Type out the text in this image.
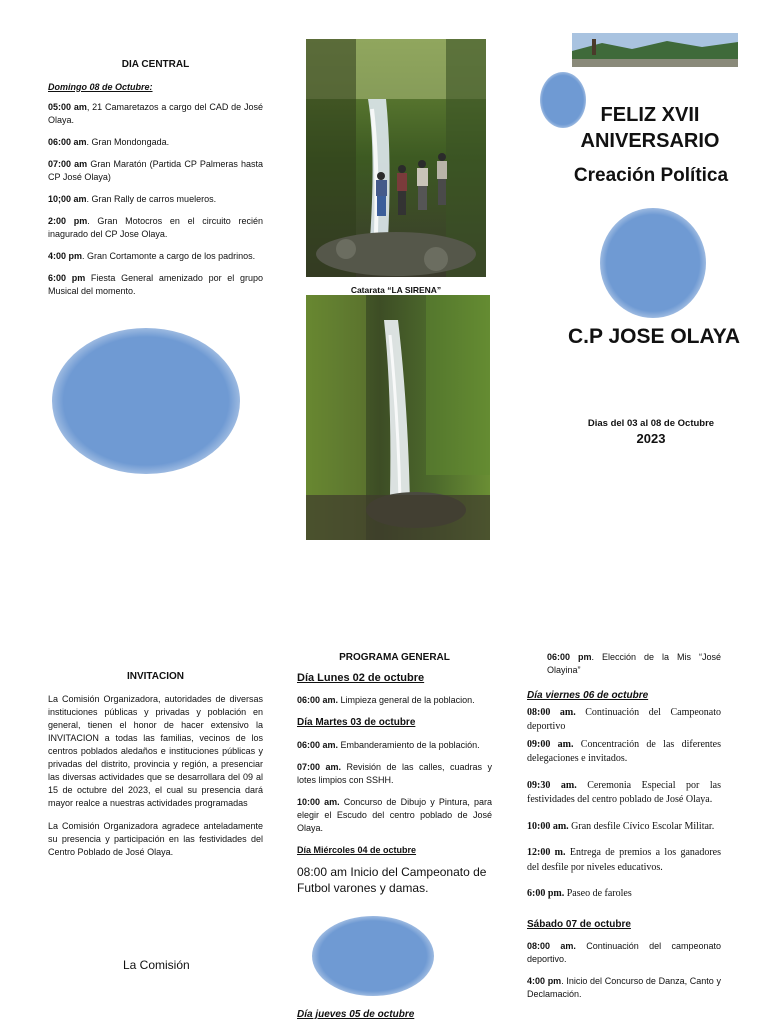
DIA CENTRAL
Domingo 08 de Octubre:

05:00 am, 21 Camaretazos a cargo del CAD de José Olaya.

06:00 am. Gran Mondongada.

07:00 am Gran Maratón (Partida CP Palmeras hasta CP José Olaya)

10;00 am. Gran Rally de carros mueleros.

2:00 pm. Gran Motocros en el circuito recién inagurado del CP Jose Olaya.

4:00 pm. Gran Cortamonte a cargo de los padrinos.

6:00 pm Fiesta General amenizado por el grupo Musical del momento.	Catarata “LA SIRENA”
FELIZ XVII
ANIVERSARIO
Creación Política
C.P JOSE OLAYA
Dias del 03 al 08 de Octubre
2023
INVITACION

La Comisión Organizadora, autoridades de diversas instituciones públicas y privadas y población en general, tienen el honor de hacer extensivo la INVITACION a todas las familias, vecinos de los centros poblados aledaños e instituciones públicas y privadas del distrito, provincia y región, a presenciar las diversas actividades que se desarrollara del 09 al 15 de octubre del 2023, el cual su presencia dará mayor realce a nuestras actividades programadas

La Comisión Organizadora agradece anteladamente su presencia y participación en las festividades del Centro Poblado de José Olaya.

La Comisión
PROGRAMA GENERAL
Día Lunes 02 de octubre

06:00 am. Limpieza general de la poblacion.

Día Martes 03 de octubre

06:00 am. Embanderamiento de la población.

07:00 am. Revisión de las calles, cuadras y lotes limpios con SSHH.

10:00 am. Concurso de Dibujo y Pintura, para elegir el Escudo del centro poblado de José Olaya.

Día Miércoles 04 de octubre

08:00 am Inicio del Campeonato de Futbol varones y damas.

Día jueves 05 de octubre

06:00 pm. Elección de la Mis “José Olayina”

Día viernes 06 de octubre

08:00 am. Continuación del Campeonato deportivo

09:00 am. Concentración de las diferentes delegaciones e invitados.

09:30 am. Ceremonia Especial por las festividades del centro poblado de José Olaya.

10:00 am. Gran desfile Cívico Escolar Militar.

12:00 m. Entrega de premios a los ganadores del desfile por niveles educativos.

6:00 pm. Paseo de faroles

Sábado 07 de octubre

08:00 am. Continuación del campeonato deportivo.

4:00 pm. Inicio del Concurso de Danza, Canto y Declamación.
